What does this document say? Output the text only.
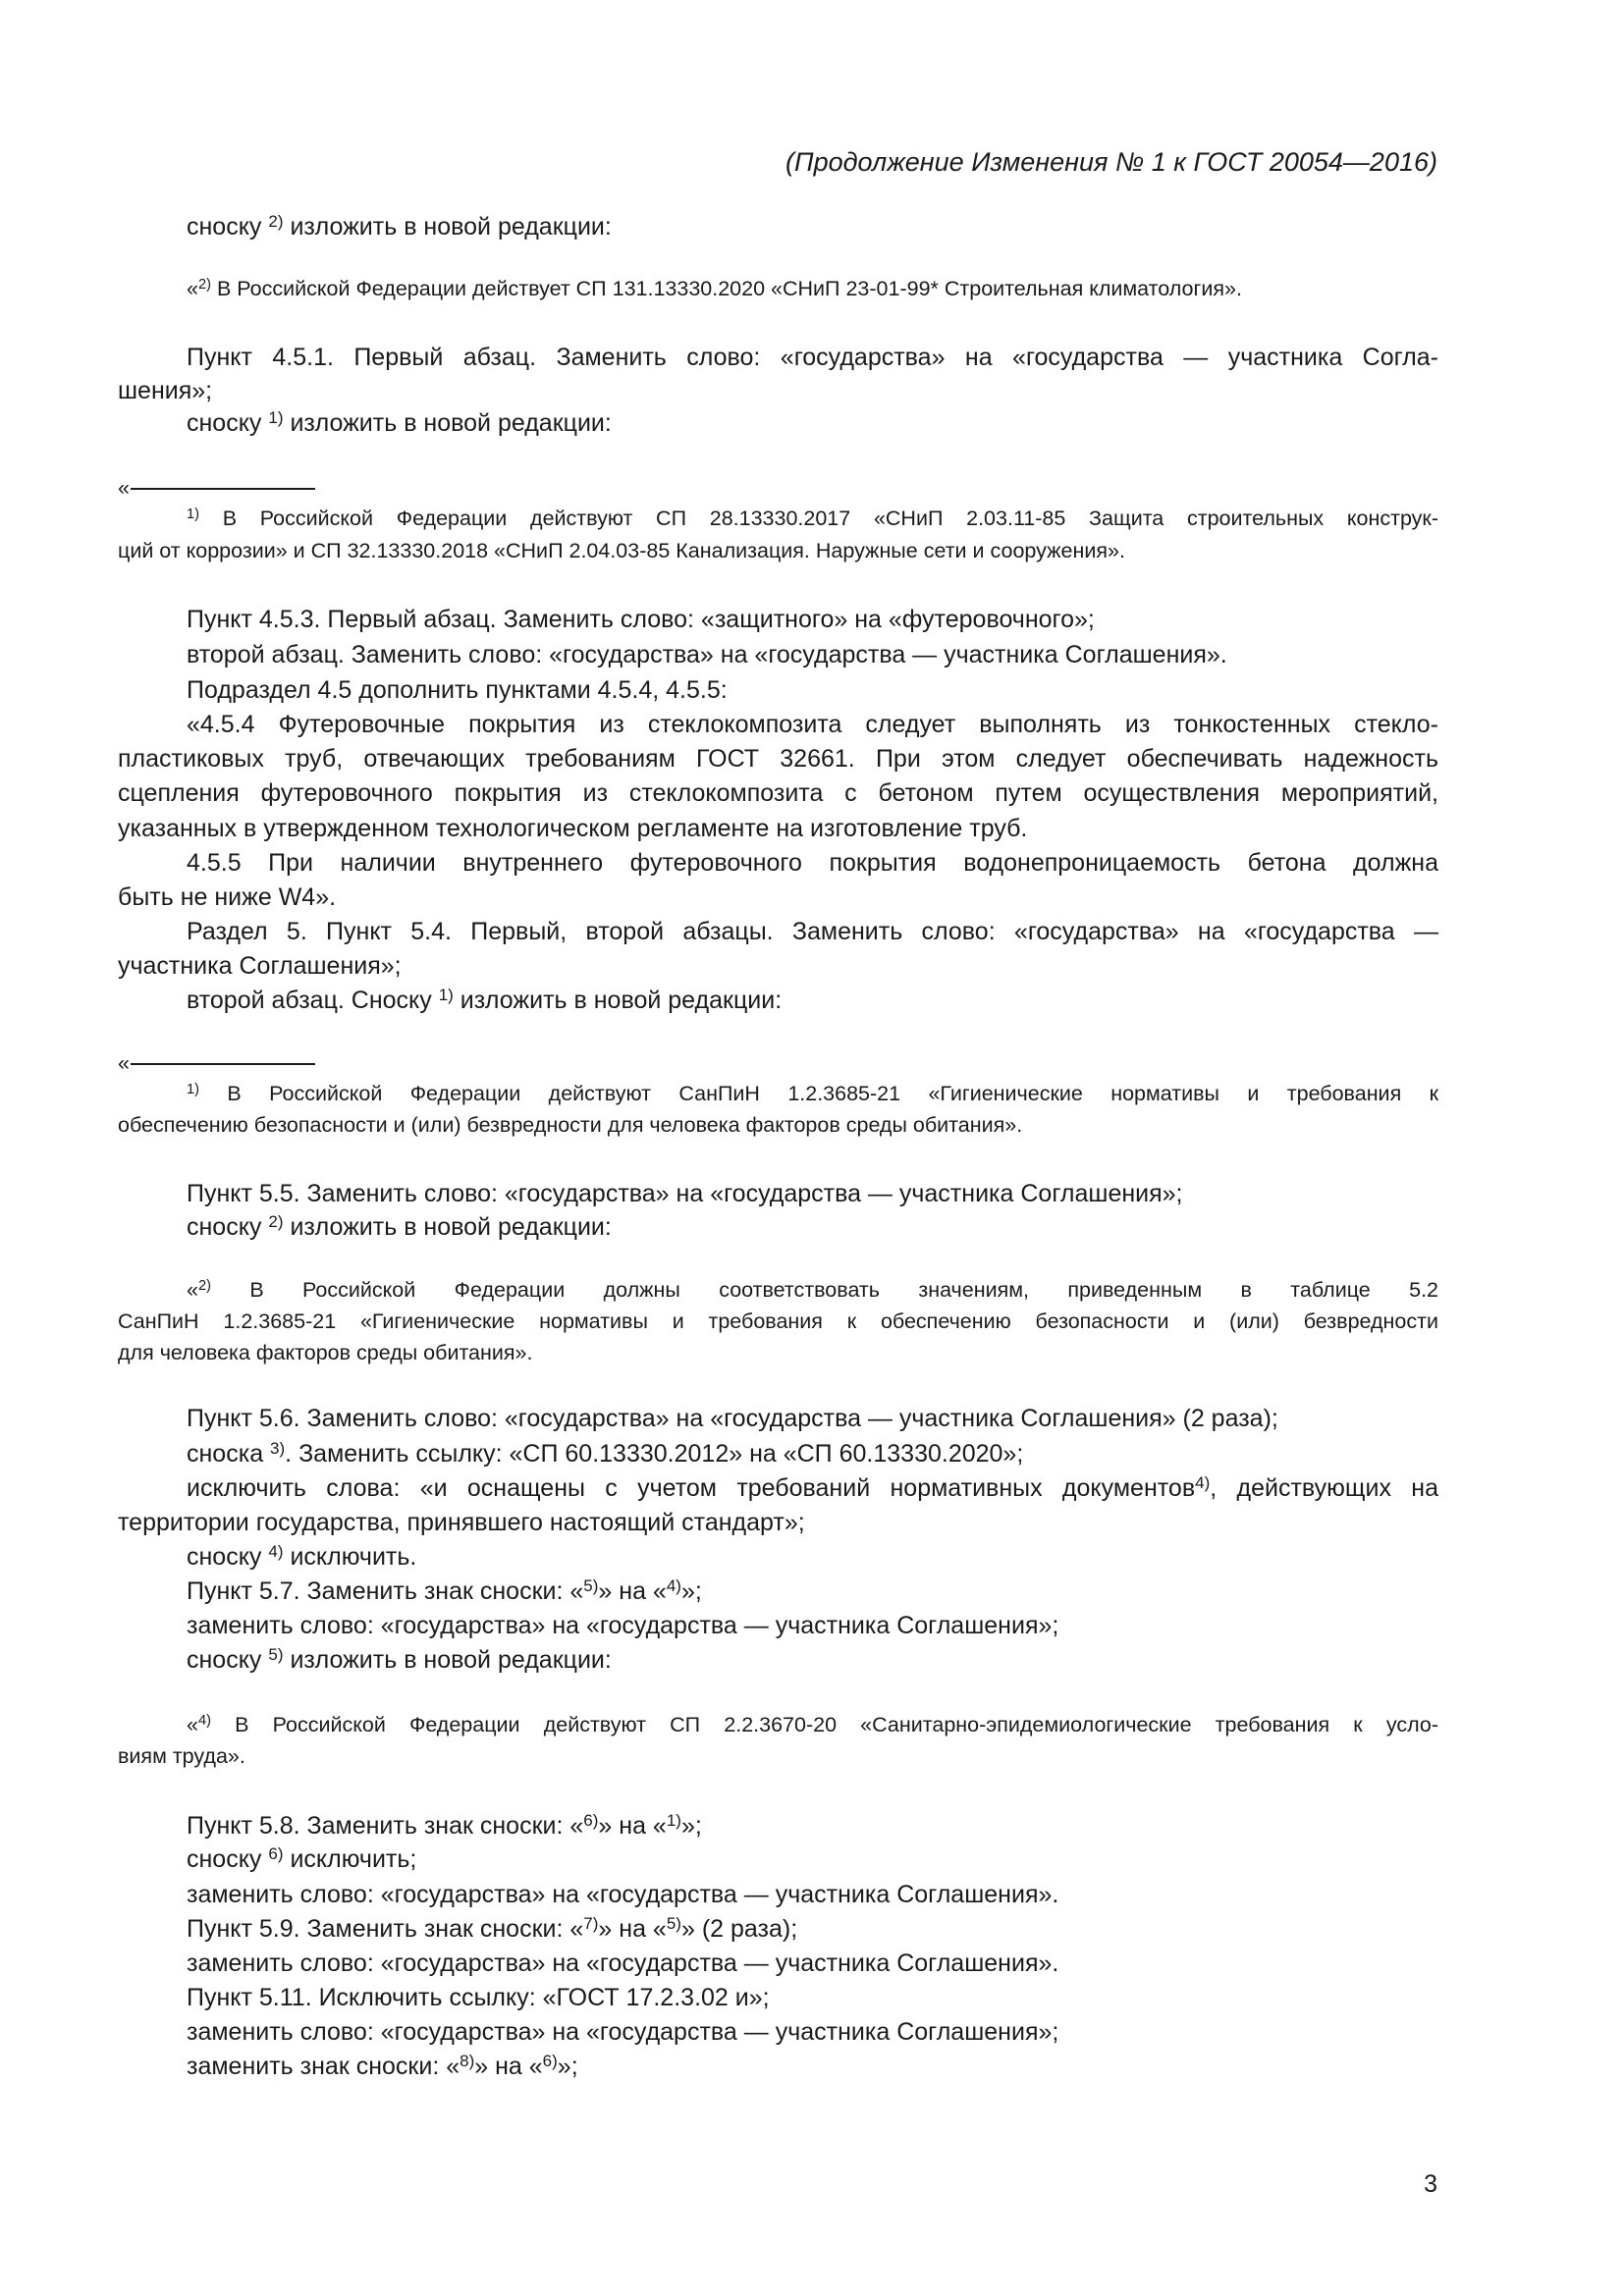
(Продолжение Изменения № 1 к ГОСТ 20054—2016)
сноску $^{2)}$ изложить в новой редакции:
«$^{2)}$ В Российской Федерации действует СП 131.13330.2020 «СНиП 23-01-99* Строительная климатология».
Пункт 4.5.1. Первый абзац. Заменить слово: «государства» на «государства — участника Согла-
шения»;
сноску $^{1)}$ изложить в новой редакции:
«
$^{1)}$ В Российской Федерации действуют СП 28.13330.2017 «СНиП 2.03.11-85 Защита строительных конструк-
ций от коррозии» и СП 32.13330.2018 «СНиП 2.04.03-85 Канализация. Наружные сети и сооружения».
Пункт 4.5.3. Первый абзац. Заменить слово: «защитного» на «футеровочного»;
второй абзац. Заменить слово: «государства» на «государства — участника Соглашения».
Подраздел 4.5 дополнить пунктами 4.5.4, 4.5.5:
«4.5.4 Футеровочные покрытия из стеклокомпозита следует выполнять из тонкостенных стекло-
пластиковых труб, отвечающих требованиям ГОСТ 32661. При этом следует обеспечивать надежность
сцепления футеровочного покрытия из стеклокомпозита с бетоном путем осуществления мероприятий,
указанных в утвержденном технологическом регламенте на изготовление труб.
4.5.5 При наличии внутреннего футеровочного покрытия водонепроницаемость бетона должна
быть не ниже W4».
Раздел 5. Пункт 5.4. Первый, второй абзацы. Заменить слово: «государства» на «государства —
участника Соглашения»;
второй абзац. Сноску $^{1)}$ изложить в новой редакции:
«
$^{1)}$ В Российской Федерации действуют СанПиН 1.2.3685-21 «Гигиенические нормативы и требования к
обеспечению безопасности и (или) безвредности для человека факторов среды обитания».
Пункт 5.5. Заменить слово: «государства» на «государства — участника Соглашения»;
сноску $^{2)}$ изложить в новой редакции:
«$^{2)}$ В Российской Федерации должны соответствовать значениям, приведенным в таблице 5.2
СанПиН 1.2.3685-21 «Гигиенические нормативы и требования к обеспечению безопасности и (или) безвредности
для человека факторов среды обитания».
Пункт 5.6. Заменить слово: «государства» на «государства — участника Соглашения» (2 раза);
сноска $^{3)}$. Заменить ссылку: «СП 60.13330.2012» на «СП 60.13330.2020»;
исключить слова: «и оснащены с учетом требований нормативных документов$^{4)}$, действующих на
территории государства, принявшего настоящий стандарт»;
сноску $^{4)}$ исключить.
Пункт 5.7. Заменить знак сноски: «$^{5)}$» на «$^{4)}$»;
заменить слово: «государства» на «государства — участника Соглашения»;
сноску $^{5)}$ изложить в новой редакции:
«$^{4)}$ В Российской Федерации действуют СП 2.2.3670-20 «Санитарно-эпидемиологические требования к усло-
виям труда».
Пункт 5.8. Заменить знак сноски: «$^{6)}$» на «$^{1)}$»;
сноску $^{6)}$ исключить;
заменить слово: «государства» на «государства — участника Соглашения».
Пункт 5.9. Заменить знак сноски: «$^{7)}$» на «$^{5)}$» (2 раза);
заменить слово: «государства» на «государства — участника Соглашения».
Пункт 5.11. Исключить ссылку: «ГОСТ 17.2.3.02 и»;
заменить слово: «государства» на «государства — участника Соглашения»;
заменить знак сноски: «$^{8)}$» на «$^{6)}$»;
3
